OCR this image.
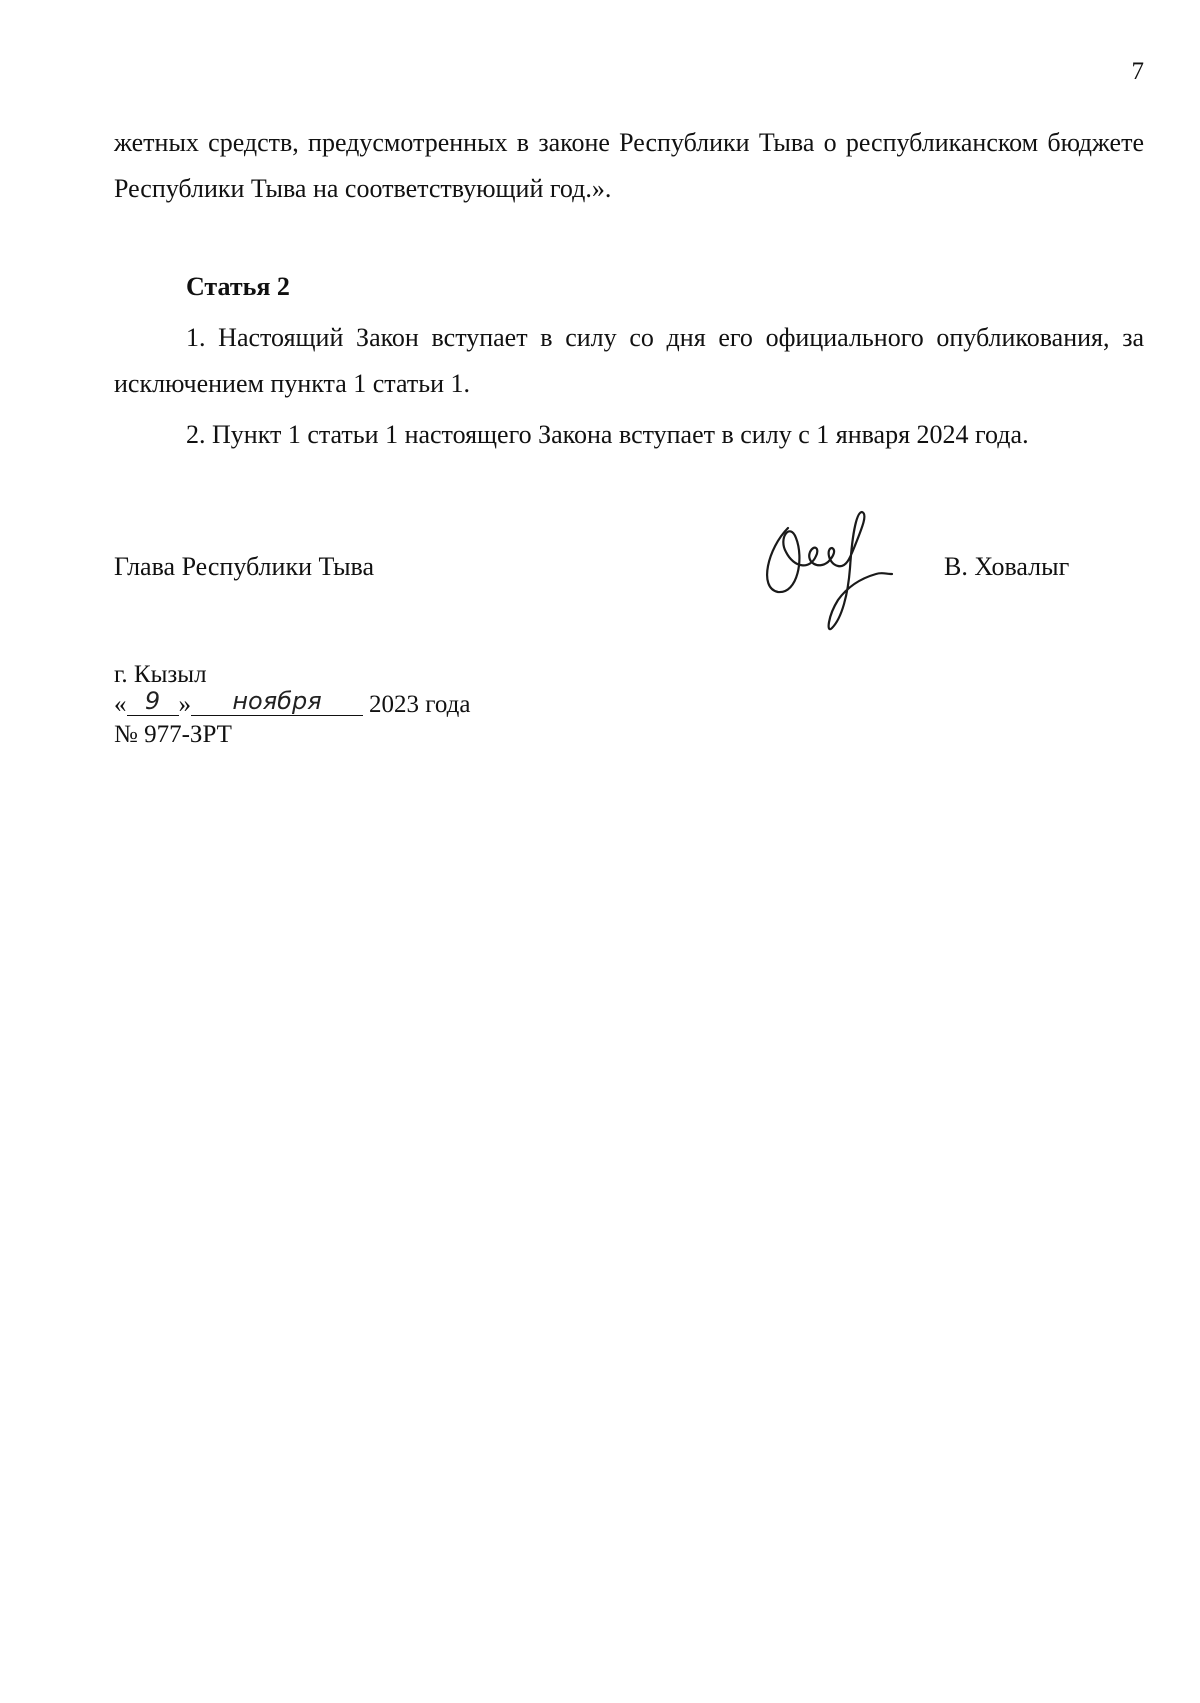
7
жетных средств, предусмотренных в законе Республики Тыва о республиканском бюджете Республики Тыва на соответствующий год.».
Статья 2
1. Настоящий Закон вступает в силу со дня его официального опубликования, за исключением пункта 1 статьи 1.
2. Пункт 1 статьи 1 настоящего Закона вступает в силу с 1 января 2024 года.
Глава Республики Тыва	В. Ховалыг
г. Кызыл
« 9 »	ноября	2023 года
№ 977-ЗРТ
